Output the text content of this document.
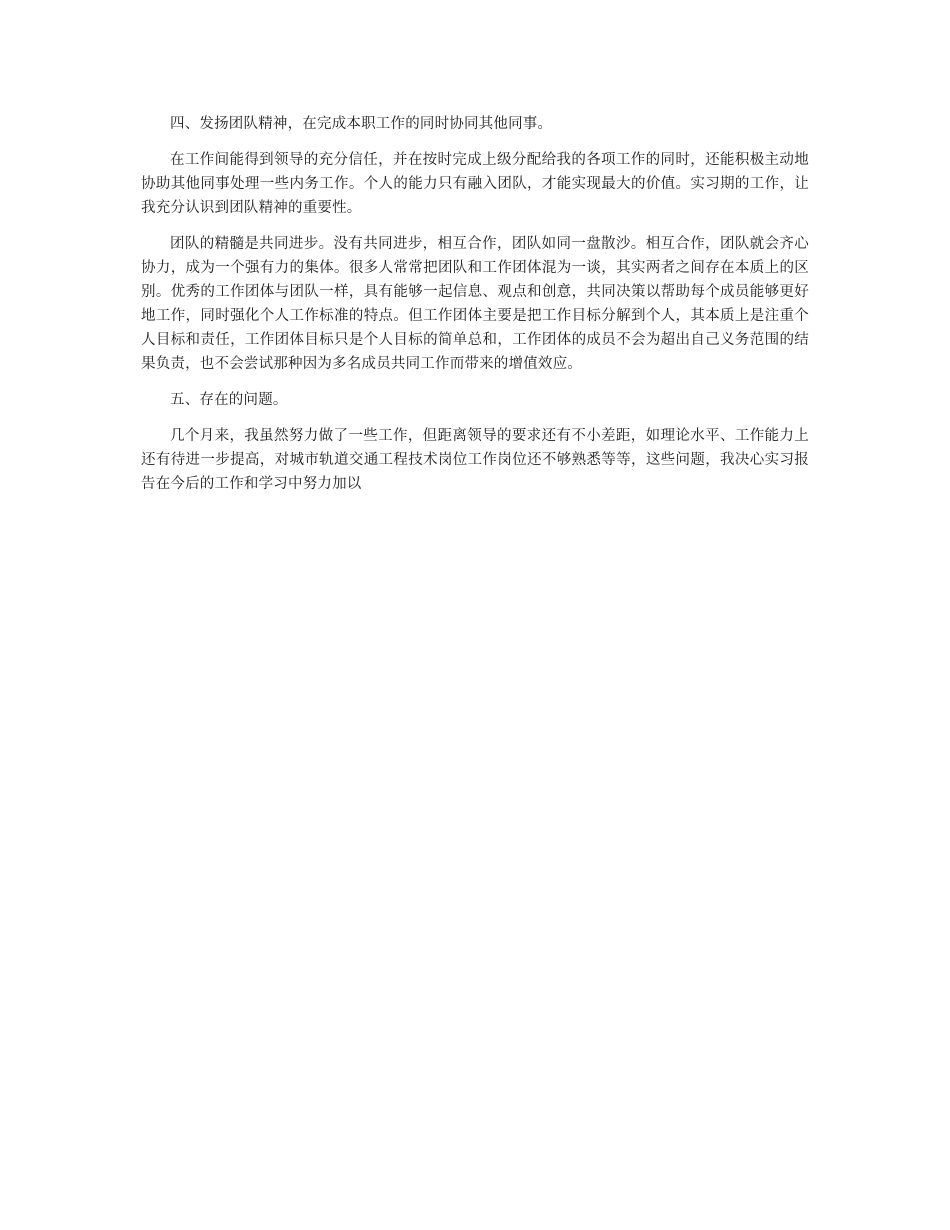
四、发扬团队精神，在完成本职工作的同时协同其他同事。

在工作间能得到领导的充分信任，并在按时完成上级分配给我的各项工作的同时，还能积极主动地协助其他同事处理一些内务工作。个人的能力只有融入团队，才能实现最大的价值。实习期的工作，让我充分认识到团队精神的重要性。

团队的精髓是共同进步。没有共同进步，相互合作，团队如同一盘散沙。相互合作，团队就会齐心协力，成为一个强有力的集体。很多人常常把团队和工作团体混为一谈，其实两者之间存在本质上的区别。优秀的工作团体与团队一样，具有能够一起信息、观点和创意，共同决策以帮助每个成员能够更好地工作，同时强化个人工作标准的特点。但工作团体主要是把工作目标分解到个人，其本质上是注重个人目标和责任，工作团体目标只是个人目标的简单总和，工作团体的成员不会为超出自己义务范围的结果负责，也不会尝试那种因为多名成员共同工作而带来的增值效应。

五、存在的问题。

几个月来，我虽然努力做了一些工作，但距离领导的要求还有不小差距，如理论水平、工作能力上还有待进一步提高，对城市轨道交通工程技术岗位工作岗位还不够熟悉等等，这些问题，我决心实习报告在今后的工作和学习中努力加以
